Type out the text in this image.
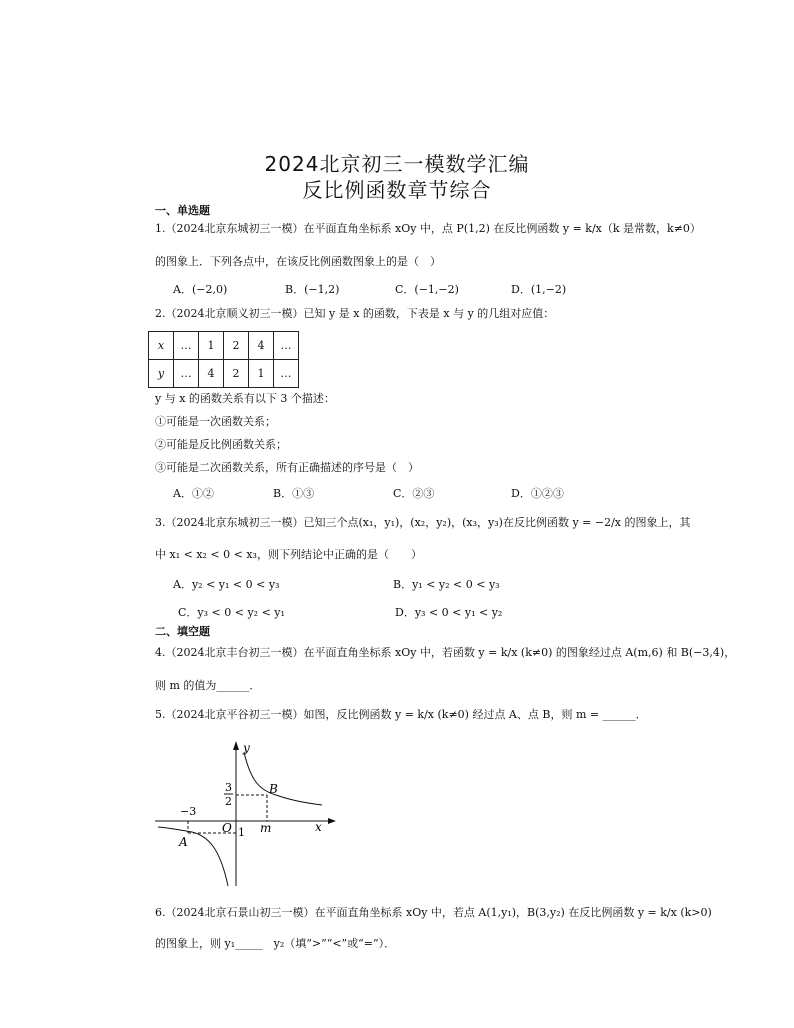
2024北京初三一模数学汇编
反比例函数章节综合
一、单选题
1.（2024北京东城初三一模）在平面直角坐标系 xOy 中，点 P(1,2) 在反比例函数 y = k/x（k 是常数，k≠0）
的图象上．下列各点中，在该反比例函数图象上的是（　）
A．(−2,0)	B．(−1,2)	C．(−1,−2)	D．(1,−2)
2.（2024北京顺义初三一模）已知 y 是 x 的函数，下表是 x 与 y 的几组对应值：
x	…	1	2	4	…
y	…	4	2	1	…
y 与 x 的函数关系有以下 3 个描述：
①可能是一次函数关系；
②可能是反比例函数关系；
③可能是二次函数关系，所有正确描述的序号是（　）
A．①②	B．①③	C．②③	D．①②③
3.（2024北京东城初三一模）已知三个点(x₁，y₁)，(x₂，y₂)，(x₃，y₃)在反比例函数 y = −2/x 的图象上，其
中 x₁ < x₂ < 0 < x₃，则下列结论中正确的是（　　）
A．y₂ < y₁ < 0 < y₃	B．y₁ < y₂ < 0 < y₃
C．y₃ < 0 < y₂ < y₁	D．y₃ < 0 < y₁ < y₂
二、填空题
4.（2024北京丰台初三一模）在平面直角坐标系 xOy 中，若函数 y = k/x (k≠0) 的图象经过点 A(m,6) 和 B(−3,4)，
则 m 的值为______．
5.（2024北京平谷初三一模）如图，反比例函数 y = k/x (k≠0) 经过点 A、点 B，则 m = ______．
y
x
O
B
A
m
−3
1
3
2
6.（2024北京石景山初三一模）在平面直角坐标系 xOy 中，若点 A(1,y₁)，B(3,y₂) 在反比例函数 y = k/x (k>0)
的图象上，则 y₁_____　y₂（填“>”“<”或“=”）．
